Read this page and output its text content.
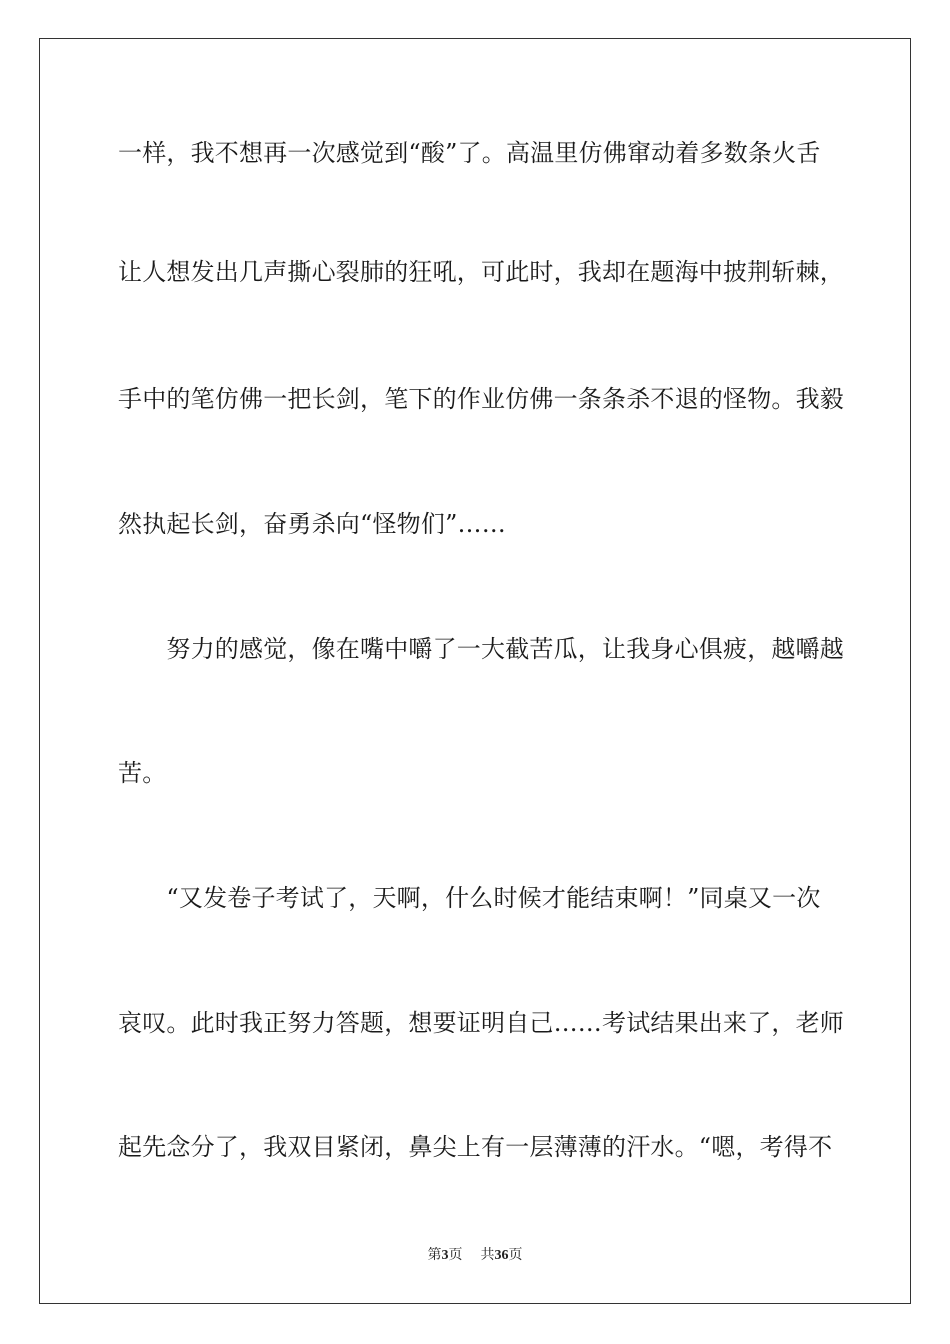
一样，我不想再一次感觉到“酸”了。高温里仿佛窜动着多数条火舌
让人想发出几声撕心裂肺的狂吼，可此时，我却在题海中披荆斩棘，
手中的笔仿佛一把长剑，笔下的作业仿佛一条条杀不退的怪物。我毅
然执起长剑，奋勇杀向“怪物们”……
　　努力的感觉，像在嘴中嚼了一大截苦瓜，让我身心俱疲，越嚼越
苦。
　　“又发卷子考试了，天啊，什么时候才能结束啊！”同桌又一次
哀叹。此时我正努力答题，想要证明自己……考试结果出来了，老师
起先念分了，我双目紧闭，鼻尖上有一层薄薄的汗水。“嗯，考得不
第3页 共36页
